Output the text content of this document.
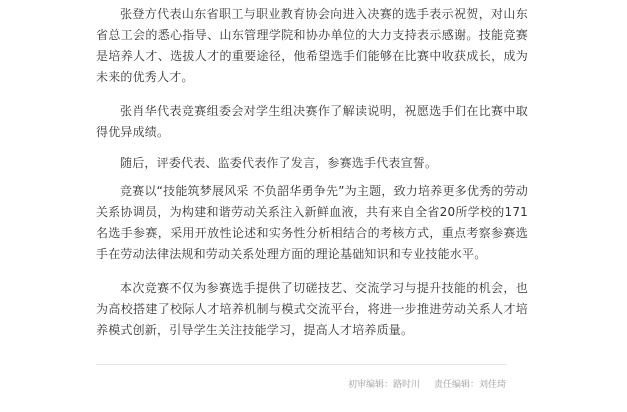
张登方代表山东省职工与职业教育协会向进入决赛的选手表示祝贺，对山东省总工会的悉心指导、山东管理学院和协办单位的大力支持表示感谢。技能竞赛是培养人才、选拔人才的重要途径，他希望选手们能够在比赛中收获成长，成为未来的优秀人才。

张肖华代表竞赛组委会对学生组决赛作了解读说明，祝愿选手们在比赛中取得优异成绩。

随后，评委代表、监委代表作了发言，参赛选手代表宣誓。

竞赛以“技能筑梦展风采 不负韶华勇争先”为主题，致力培养更多优秀的劳动关系协调员，为构建和谐劳动关系注入新鲜血液，共有来自全省20所学校的171名选手参赛，采用开放性论述和实务性分析相结合的考核方式，重点考察参赛选手在劳动法律法规和劳动关系处理方面的理论基础知识和专业技能水平。

本次竞赛不仅为参赛选手提供了切磋技艺、交流学习与提升技能的机会，也为高校搭建了校际人才培养机制与模式交流平台，将进一步推进劳动关系人才培养模式创新，引导学生关注技能学习，提高人才培养质量。

初审编辑：路时川 责任编辑：刘佳琦
